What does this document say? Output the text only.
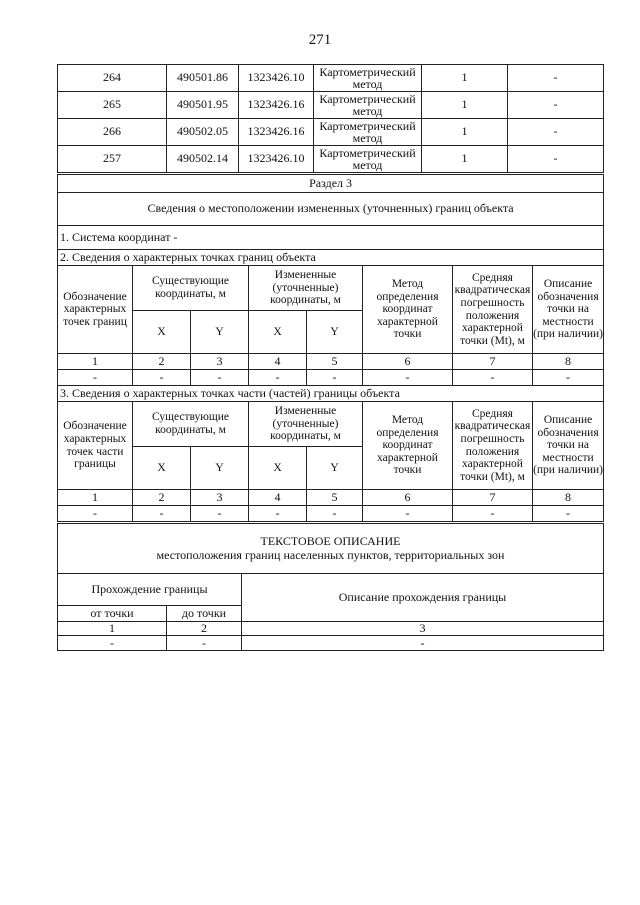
271
264	490501.86	1323426.10	Картометрический метод	1	-
265	490501.95	1323426.16	Картометрический метод	1	-
266	490502.05	1323426.16	Картометрический метод	1	-
257	490502.14	1323426.10	Картометрический метод	1	-
Раздел 3							
Сведения о местоположении измененных (уточненных) границ объекта							
1. Система координат -							
2. Сведения о характерных точках границ объекта							
Обозначение характерных точек границ	Существующие координаты, м		Измененные (уточненные) координаты, м		Метод определения координат характерной точки	Средняя квадратическая погрешность положения характерной точки (Mt), м	Описание обозначения точки на местности (при наличии)
	X	Y	X	Y			
1	2	3	4	5	6	7	8
-	-	-	-	-	-	-	-
3. Сведения о характерных точках части (частей) границы объекта							
Обозначение характерных точек части границы	Существующие координаты, м		Измененные (уточненные) координаты, м		Метод определения координат характерной точки	Средняя квадратическая погрешность положения характерной точки (Mt), м	Описание обозначения точки на местности (при наличии)
	X	Y	X	Y			
1	2	3	4	5	6	7	8
-	-	-	-	-	-	-	-
ТЕКСТОВОЕ ОПИСАНИЕ
местоположения границ населенных пунктов, территориальных зон		

Прохождение границы		Описание прохождения границы
от точки	до точки	
1	2	3
-	-	-
